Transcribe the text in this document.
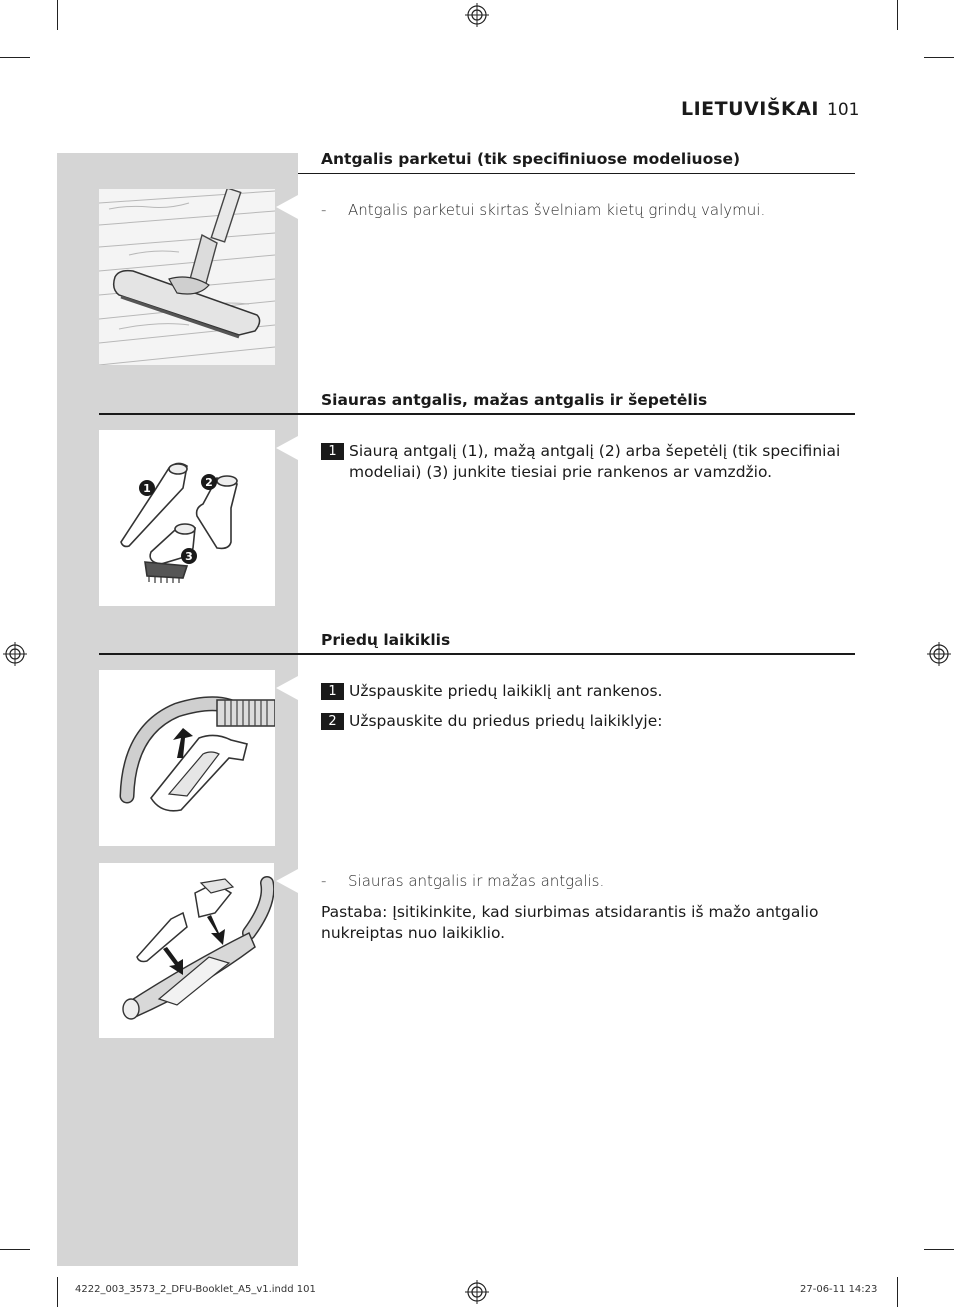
LIETUVIŠKAI 101
Antgalis parketui (tik specifiniuose modeliuose)
- Antgalis parketui skirtas švelniam kietų grindų valymui.
Siauras antgalis, mažas antgalis ir šepetėlis
1	2
3
1 Siaurą antgalį (1), mažą antgalį (2) arba šepetėlį (tik specifiniai modeliai) (3) junkite tiesiai prie rankenos ar vamzdžio.
Priedų laikiklis
1 Užspauskite priedų laikiklį ant rankenos.
2 Užspauskite du priedus priedų laikiklyje:
- Siauras antgalis ir mažas antgalis.
Pastaba: Įsitikinkite, kad siurbimas atsidarantis iš mažo antgalio nukreiptas nuo laikiklio.
4222_003_3573_2_DFU-Booklet_A5_v1.indd 101	27-06-11 14:23
